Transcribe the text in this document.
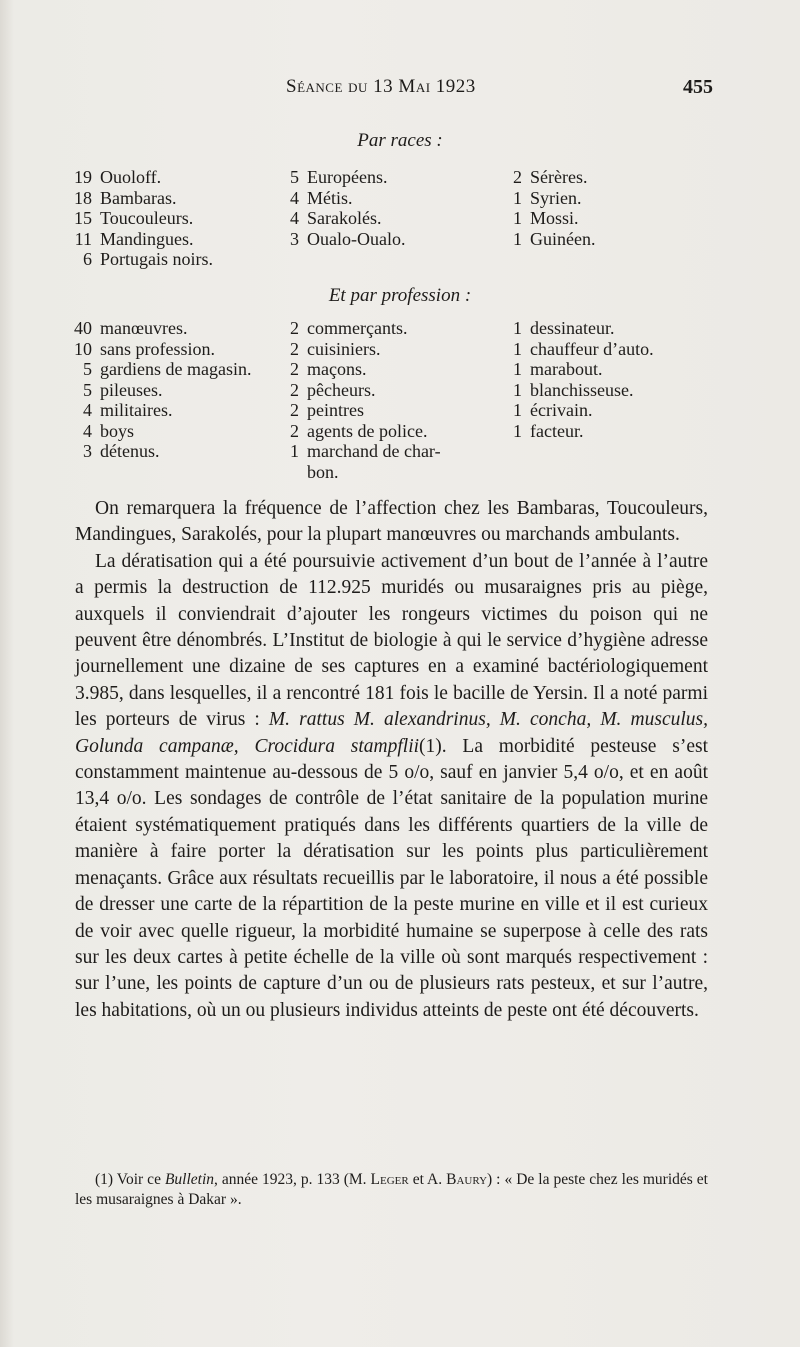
Séance du 13 Mai 1923	455
Par races :
19 Ouoloff.
18 Bambaras.
15 Toucouleurs.
11 Mandingues.
6 Portugais noirs.
5 Européens.
4 Métis.
4 Sarakolés.
3 Oualo-Oualo.
2 Sérères.
1 Syrien.
1 Mossi.
1 Guinéen.
Et par profession :
40 manœuvres.
10 sans profession.
5 gardiens de magasin.
5 pileuses.
4 militaires.
4 boys
3 détenus.
2 commerçants.
2 cuisiniers.
2 maçons.
2 pêcheurs.
2 peintres
2 agents de police.
1 marchand de char-
bon.
1 dessinateur.
1 chauffeur d’auto.
1 marabout.
1 blanchisseuse.
1 écrivain.
1 facteur.

On remarquera la fréquence de l’affection chez les Bambaras, Toucouleurs, Mandingues, Sarakolés, pour la plupart manœuvres ou marchands ambulants.

La dératisation qui a été poursuivie activement d’un bout de l’année à l’autre a permis la destruction de 112.925 muridés ou musaraignes pris au piège, auxquels il conviendrait d’ajouter les rongeurs victimes du poison qui ne peuvent être dénombrés. L’Institut de biologie à qui le service d’hygiène adresse journellement une dizaine de ses captures en a examiné bactériologiquement 3.985, dans lesquelles, il a rencontré 181 fois le bacille de Yersin. Il a noté parmi les porteurs de virus : M. rattus M. alexandrinus, M. concha, M. musculus, Golunda campanæ, Crocidura stampflii(1). La morbidité pesteuse s’est constamment maintenue au-dessous de 5 o/o, sauf en janvier 5,4 o/o, et en août 13,4 o/o. Les sondages de contrôle de l’état sanitaire de la population murine étaient systématiquement pratiqués dans les différents quartiers de la ville de manière à faire porter la dératisation sur les points plus particulièrement menaçants. Grâce aux résultats recueillis par le laboratoire, il nous a été possible de dresser une carte de la répartition de la peste murine en ville et il est curieux de voir avec quelle rigueur, la morbidité humaine se superpose à celle des rats sur les deux cartes à petite échelle de la ville où sont marqués respectivement : sur l’une, les points de capture d’un ou de plusieurs rats pesteux, et sur l’autre, les habitations, où un ou plusieurs individus atteints de peste ont été découverts.

(1) Voir ce Bulletin, année 1923, p. 133 (M. Leger et A. Baury) : « De la peste chez les muridés et les musaraignes à Dakar ».
